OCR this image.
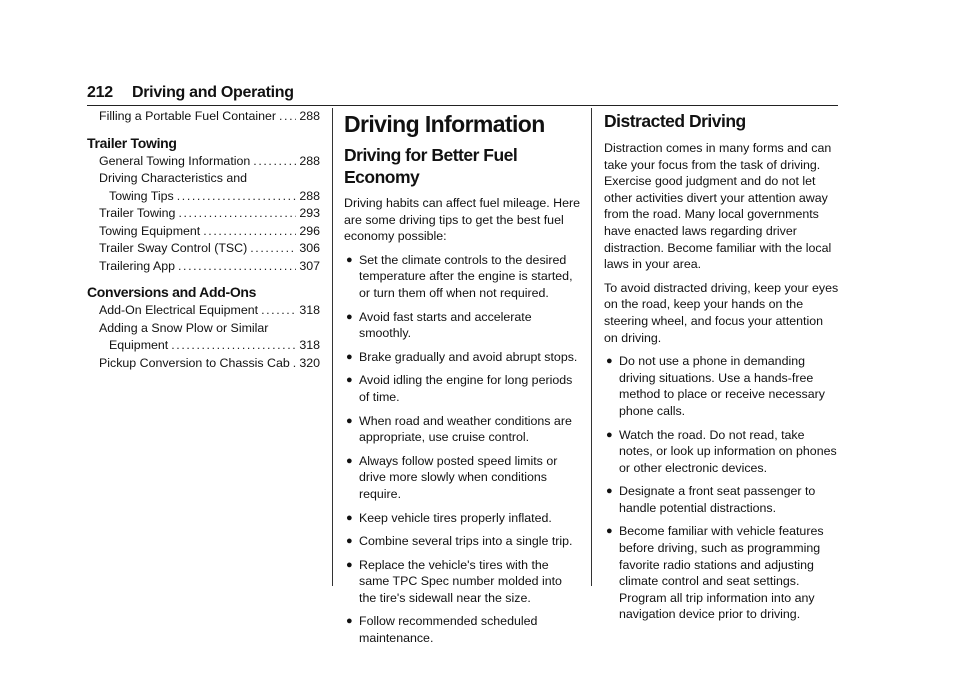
212 Driving and Operating
Filling a Portable Fuel Container ..... 288
Trailer Towing
General Towing Information .....	288
Driving Characteristics and
Towing Tips .....	288
Trailer Towing .....	293
Towing Equipment .....	296
Trailer Sway Control (TSC) .....	306
Trailering App .....	307
Conversions and Add-Ons
Add-On Electrical Equipment .....	318
Adding a Snow Plow or Similar
Equipment .....	318
Pickup Conversion to Chassis Cab ..... 320
Driving Information
Driving for Better Fuel Economy

Driving habits can affect fuel mileage. Here are some driving tips to get the best fuel economy possible:

● Set the climate controls to the desired temperature after the engine is started, or turn them off when not required.
● Avoid fast starts and accelerate smoothly.
● Brake gradually and avoid abrupt stops.
● Avoid idling the engine for long periods of time.
● When road and weather conditions are appropriate, use cruise control.
● Always follow posted speed limits or drive more slowly when conditions require.
● Keep vehicle tires properly inflated.
● Combine several trips into a single trip.
● Replace the vehicle's tires with the same TPC Spec number molded into the tire's sidewall near the size.
● Follow recommended scheduled maintenance.
Distracted Driving

Distraction comes in many forms and can take your focus from the task of driving. Exercise good judgment and do not let other activities divert your attention away from the road. Many local governments have enacted laws regarding driver distraction. Become familiar with the local laws in your area.

To avoid distracted driving, keep your eyes on the road, keep your hands on the steering wheel, and focus your attention on driving.

● Do not use a phone in demanding driving situations. Use a hands-free method to place or receive necessary phone calls.
● Watch the road. Do not read, take notes, or look up information on phones or other electronic devices.
● Designate a front seat passenger to handle potential distractions.
● Become familiar with vehicle features before driving, such as programming favorite radio stations and adjusting climate control and seat settings. Program all trip information into any navigation device prior to driving.
